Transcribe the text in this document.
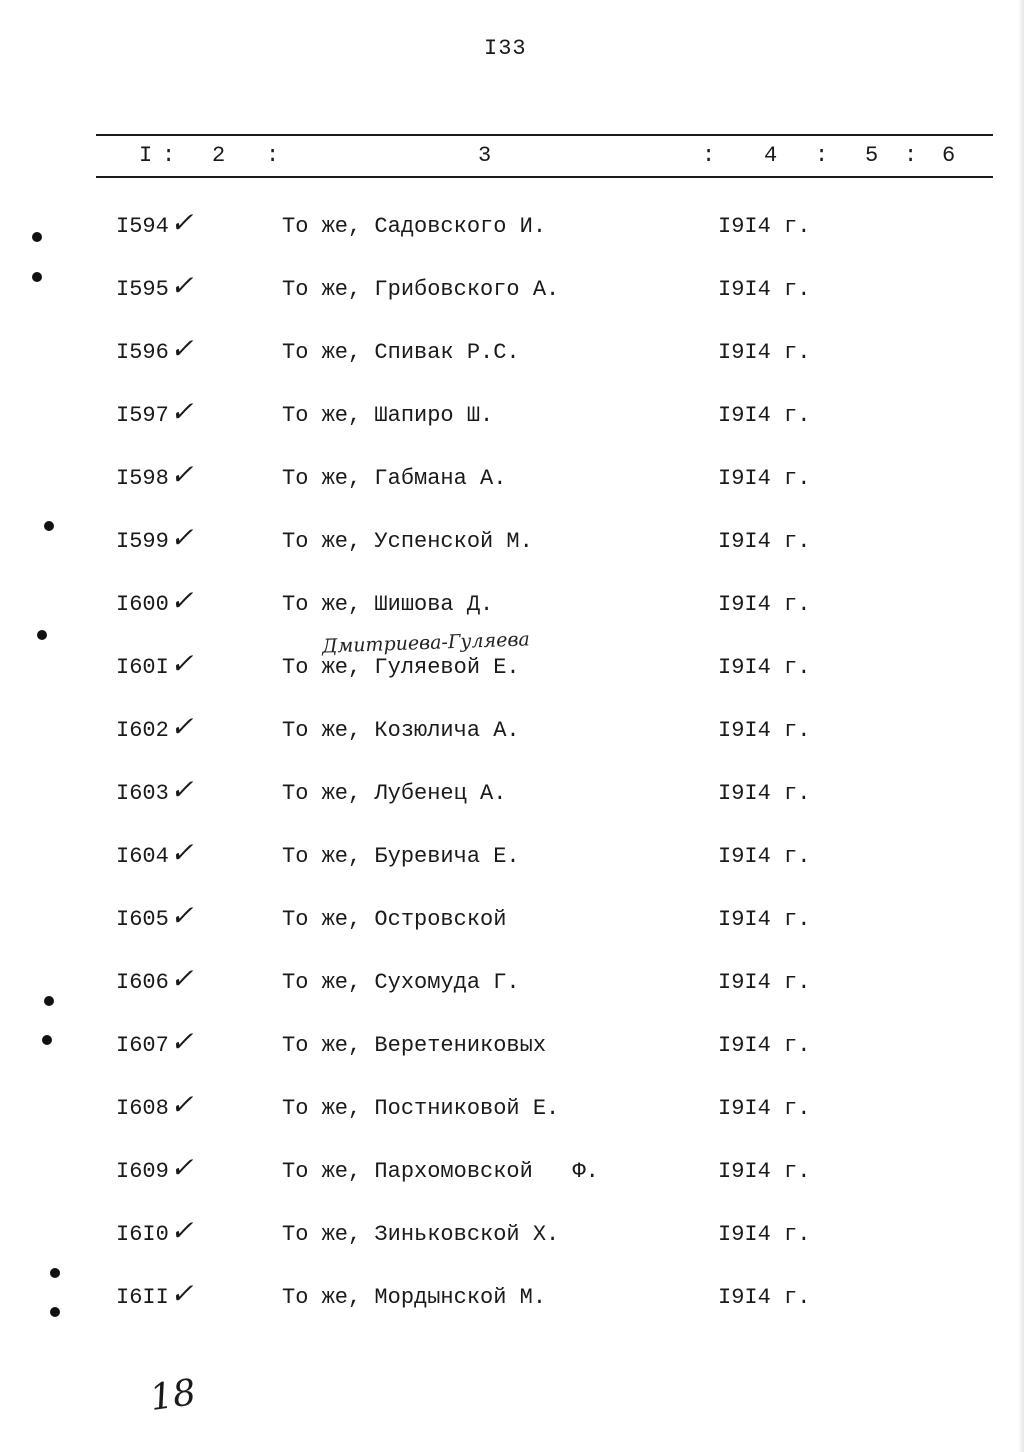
I33
I : 2 :	3	: 4 : 5 : 6
I594 ✓	То же, Садовского И.	I9I4 г.
I595 ✓	То же, Грибовского А.	I9I4 г.
I596 ✓	То же, Спивак Р.С.	I9I4 г.
I597 ✓	То же, Шапиро Ш.	I9I4 г.
I598 ✓	То же, Габмана А.	I9I4 г.
I599 ✓	То же, Успенской М.	I9I4 г.
I600 ✓	То же, Шишова Д.	I9I4 г.
I60I ✓	То же, Гуляевой Е.	I9I4 г.
I602 ✓	То же, Козюлича А.	I9I4 г.
I603 ✓	То же, Лубенец А.	I9I4 г.
I604 ✓	То же, Буревича Е.	I9I4 г.
I605 ✓	То же, Островской	I9I4 г.
I606 ✓	То же, Сухомуда Г.	I9I4 г.
I607 ✓	То же, Веретениковых	I9I4 г.
I608 ✓	То же, Постниковой Е.	I9I4 г.
I609 ✓	То же, Пархомовской   Ф.	I9I4 г.
I6I0 ✓	То же, Зиньковской Х.	I9I4 г.
I6II ✓	То же, Мордынской М.	I9I4 г.
Дмитриева-Гуляева
18
